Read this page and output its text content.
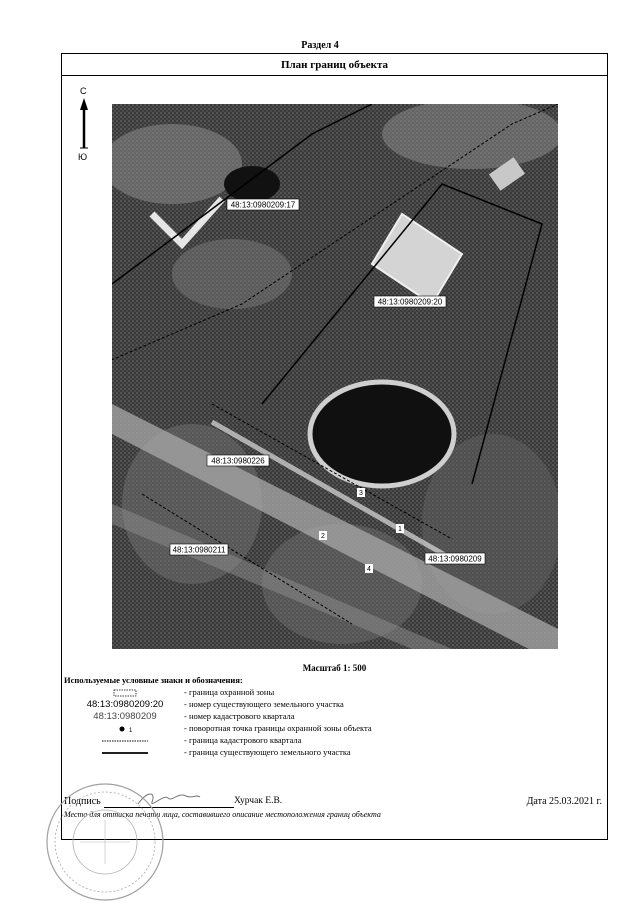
Раздел 4
План границ объекта
С
Ю
48:13:0980209:17
48:13:0980209:20
48:13:0980226
48:13:0980209
48:13:0980211
3
1
2
4
Масштаб 1: 500
Используемые условные знаки и обозначения:
- граница охранной зоны
48:13:0980209:20	- номер существующего земельного участка
48:13:0980209	- номер кадастрового квартала
1	- поворотная точка границы охранной зоны объекта
- граница кадастрового квартала
- граница существующего земельного участка
Подпись	Хурчак Е.В.	Дата 25.03.2021 г.
Место для оттиска печати лица, составившего описание местоположения границ объекта
